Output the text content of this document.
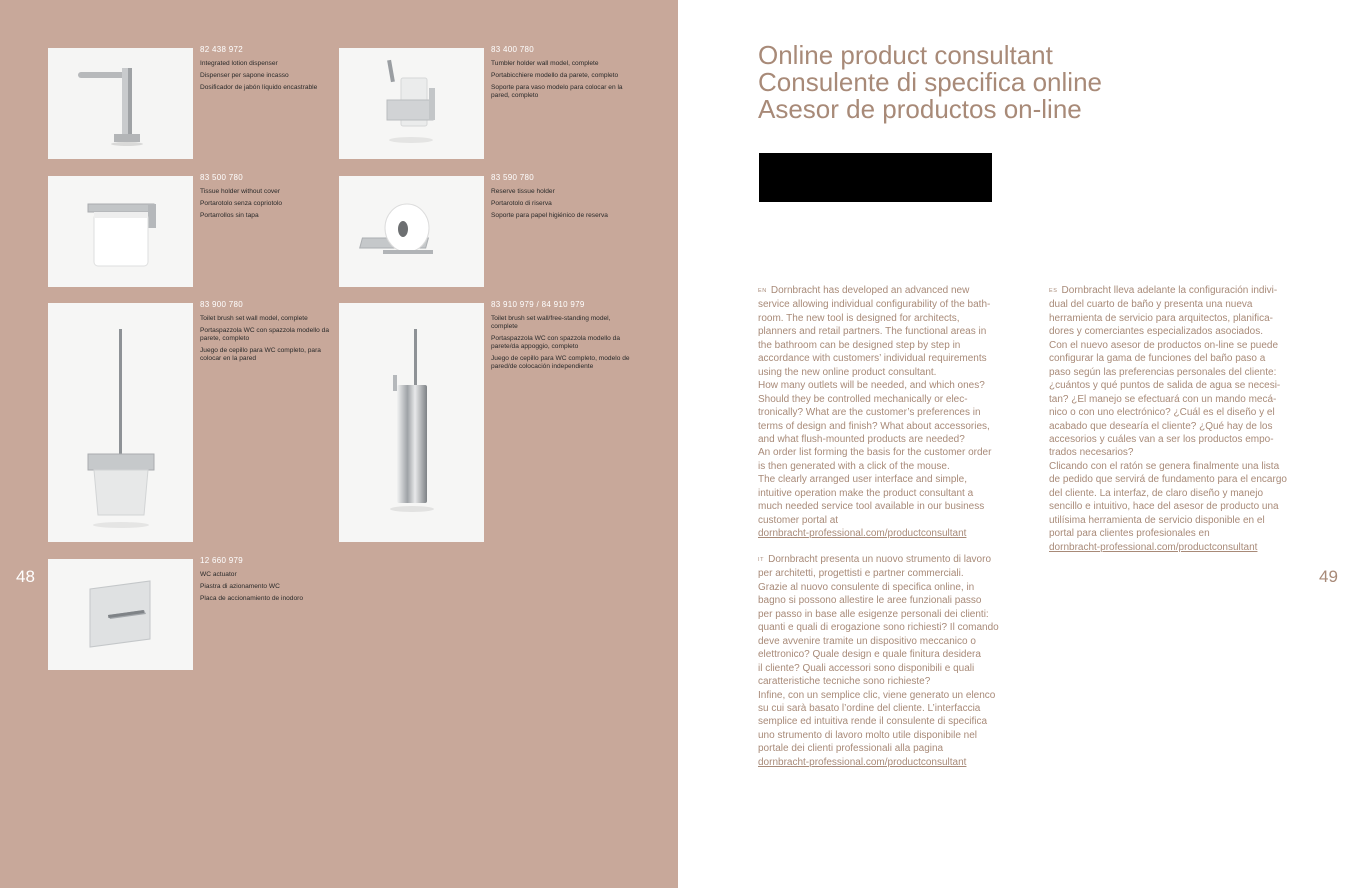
48
82 438 972
Integrated lotion dispenser
Dispenser per sapone incasso
Dosificador de jabón líquido encastrable
83 400 780
Tumbler holder wall model, complete
Portabicchiere modello da parete, completo
Soporte para vaso modelo para colocar en la pared, completo
83 500 780
Tissue holder without cover
Portarotolo senza copriotolo
Portarrollos sin tapa
83 590 780
Reserve tissue holder
Portarotolo di riserva
Soporte para papel higiénico de reserva
83 900 780
Toilet brush set wall model, complete
Portaspazzola WC con spazzola modello da parete, completo
Juego de cepillo para WC completo, para colocar en la pared
83 910 979 / 84 910 979
Toilet brush set wall/free-standing model, complete
Portaspazzola WC con spazzola modello da parete/da appoggio, completo
Juego de cepillo para WC completo, modelo de pared/de colocación independiente
12 660 979
WC actuator
Piastra di azionamento WC
Placa de accionamiento de inodoro
49
Online product consultant
Consulente di specifica online
Asesor de productos on-line

EN Dornbracht has developed an advanced new

service allowing individual configurability of the bath-

room. The new tool is designed for architects,

planners and retail partners. The functional areas in

the bathroom can be designed step by step in

accordance with customers’ individual requirements

using the new online product consultant.

How many outlets will be needed, and which ones?

Should they be controlled mechanically or elec-

tronically? What are the customer’s preferences in

terms of design and finish? What about accessories,

and what flush-mounted products are needed?

An order list forming the basis for the customer order

is then generated with a click of the mouse.

The clearly arranged user interface and simple,

intuitive operation make the product consultant a

much needed service tool available in our business

customer portal at

dornbracht-professional.com/productconsultant

IT Dornbracht presenta un nuovo strumento di lavoro

per architetti, progettisti e partner commerciali.

Grazie al nuovo consulente di specifica online, in

bagno si possono allestire le aree funzionali passo

per passo in base alle esigenze personali dei clienti:

quanti e quali di erogazione sono richiesti? Il comando

deve avvenire tramite un dispositivo meccanico o

elettronico? Quale design e quale finitura desidera

il cliente? Quali accessori sono disponibili e quali

caratteristiche tecniche sono richieste?

Infine, con un semplice clic, viene generato un elenco

su cui sarà basato l’ordine del cliente. L’interfaccia

semplice ed intuitiva rende il consulente di specifica

uno strumento di lavoro molto utile disponibile nel

portale dei clienti professionali alla pagina

dornbracht-professional.com/productconsultant

ES Dornbracht lleva adelante la configuración indivi-

dual del cuarto de baño y presenta una nueva

herramienta de servicio para arquitectos, planifica-

dores y comerciantes especializados asociados.

Con el nuevo asesor de productos on-line se puede

configurar la gama de funciones del baño paso a

paso según las preferencias personales del cliente:

¿cuántos y qué puntos de salida de agua se necesi-

tan? ¿El manejo se efectuará con un mando mecá-

nico o con uno electrónico? ¿Cuál es el diseño y el

acabado que desearía el cliente? ¿Qué hay de los

accesorios y cuáles van a ser los productos empo-

trados necesarios?

Clicando con el ratón se genera finalmente una lista

de pedido que servirá de fundamento para el encargo

del cliente. La interfaz, de claro diseño y manejo

sencillo e intuitivo, hace del asesor de producto una

utilísima herramienta de servicio disponible en el

portal para clientes profesionales en

dornbracht-professional.com/productconsultant
